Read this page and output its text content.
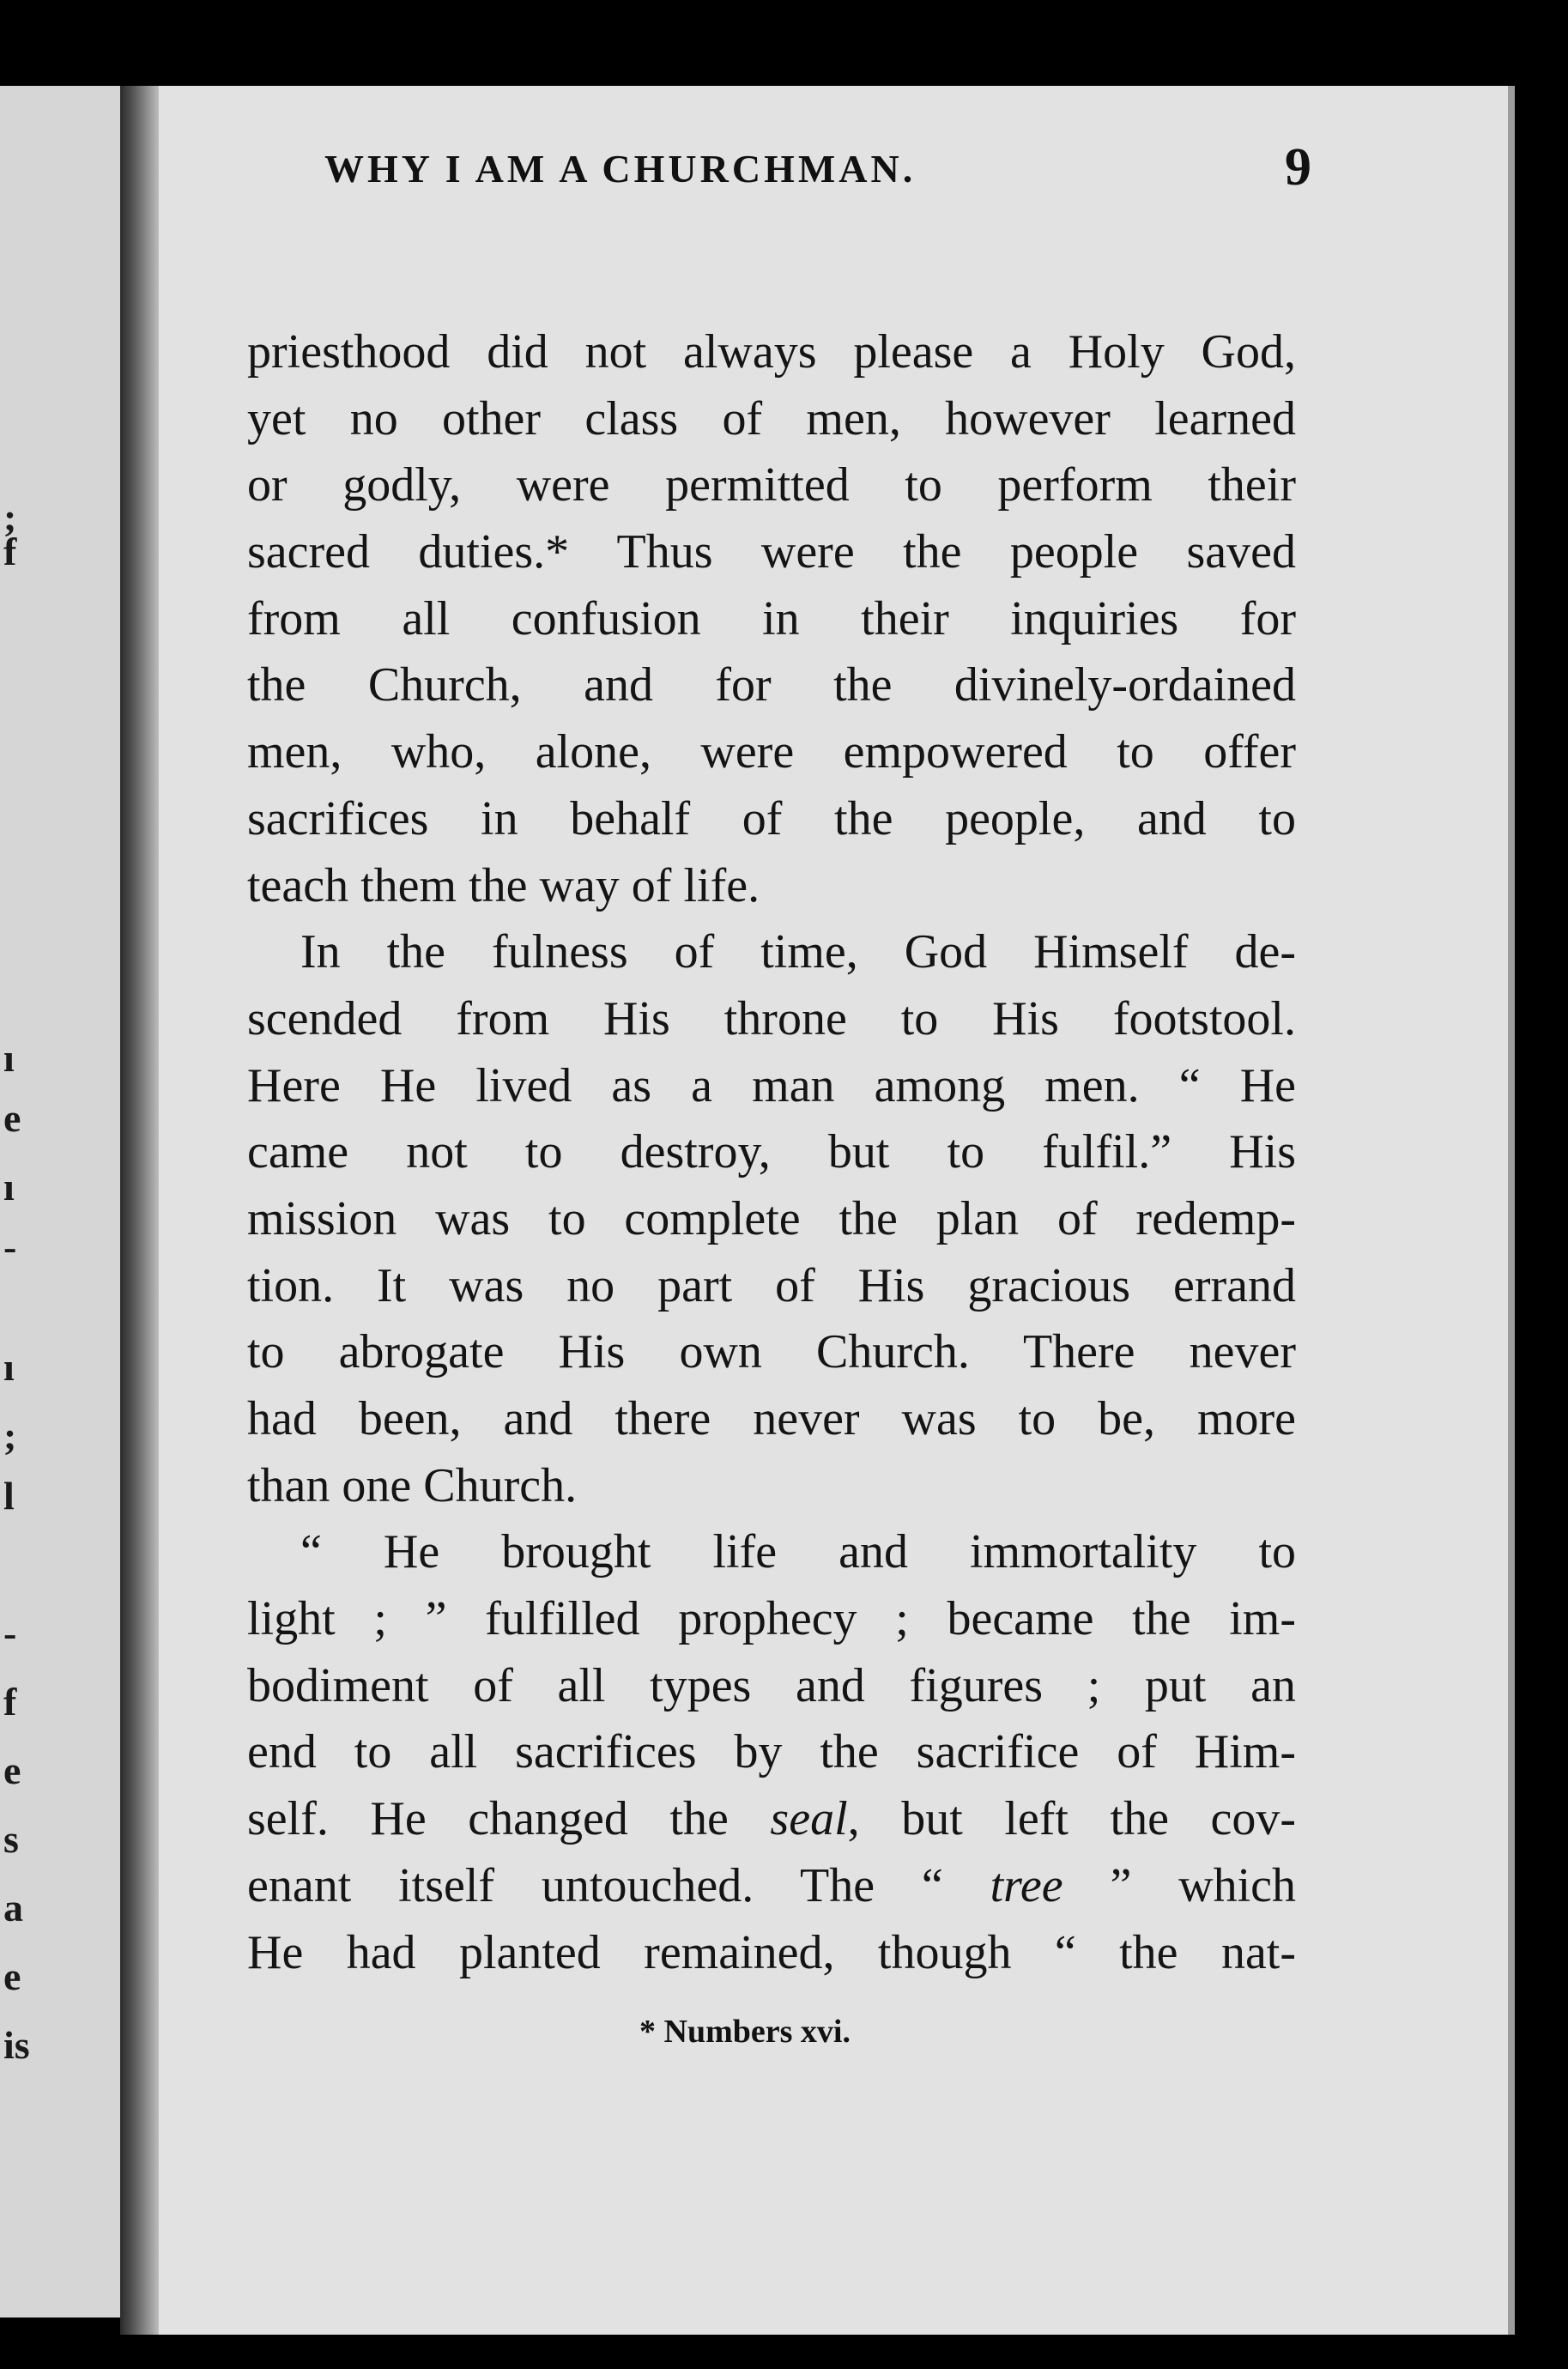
;
f
ı
e
ı
-
ı
;
l
-
f
e
s
a
e
is
WHY I AM A CHURCHMAN.	9
priesthood did not always please a Holy God,
yet no other class of men, however learned
or godly, were permitted to perform their
sacred duties.* Thus were the people saved
from all confusion in their inquiries for
the Church, and for the divinely-ordained
men, who, alone, were empowered to offer
sacrifices in behalf of the people, and to
teach them the way of life.
In the fulness of time, God Himself de-
scended from His throne to His footstool.
Here He lived as a man among men. “ He
came not to destroy, but to fulfil.” His
mission was to complete the plan of redemp-
tion. It was no part of His gracious errand
to abrogate His own Church. There never
had been, and there never was to be, more
than one Church.
“ He brought life and immortality to
light ; ” fulfilled prophecy ; became the im-
bodiment of all types and figures ; put an
end to all sacrifices by the sacrifice of Him-
self. He changed the seal, but left the cov-
enant itself untouched. The “ tree ” which
He had planted remained, though “ the nat-
* Numbers xvi.
